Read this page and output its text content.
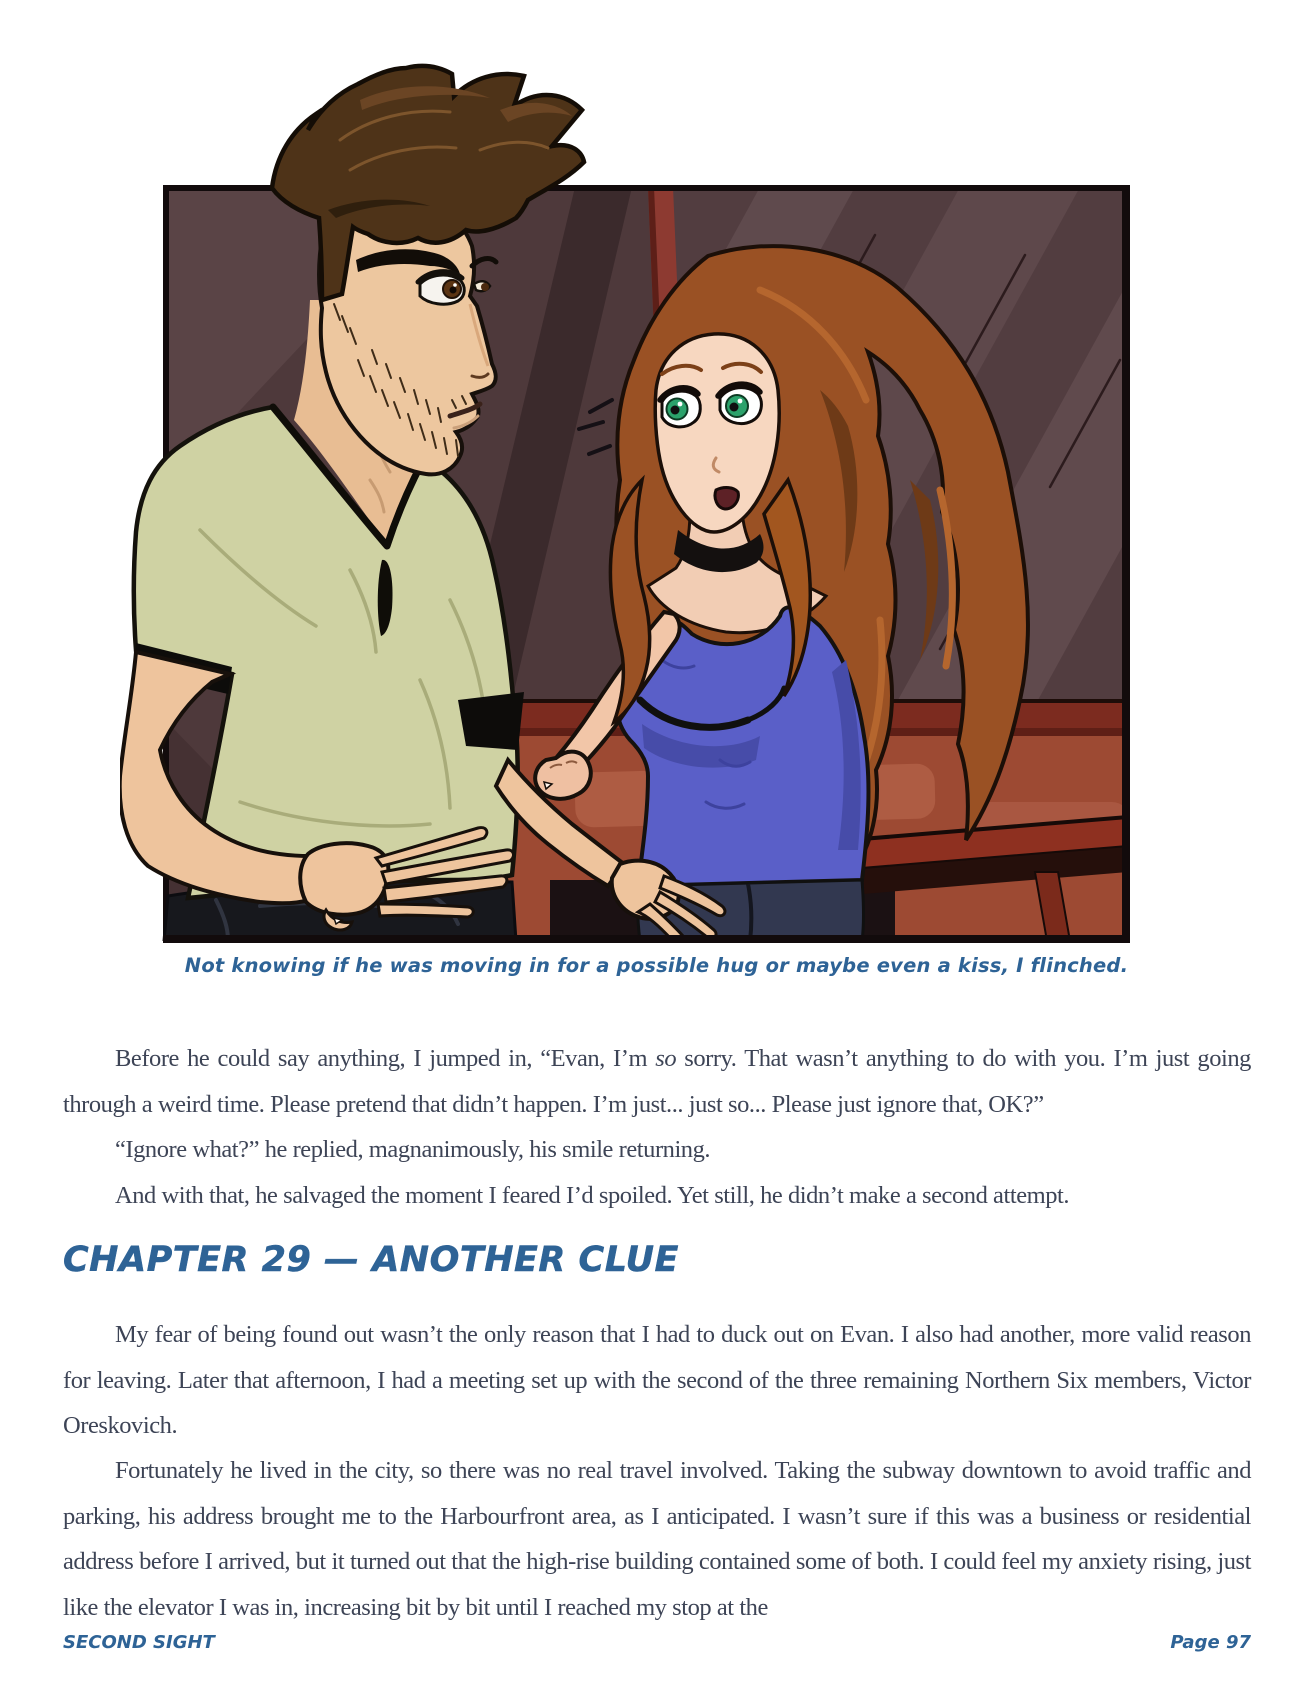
Not knowing if he was moving in for a possible hug or maybe even a kiss, I flinched.

Before he could say anything, I jumped in, “Evan, I’m so sorry. That wasn’t anything to do with you. I’m just going through a weird time. Please pretend that didn’t happen. I’m just... just so... Please just ignore that, OK?”

“Ignore what?” he replied, magnanimously, his smile returning.

And with that, he salvaged the moment I feared I’d spoiled. Yet still, he didn’t make a second attempt.

CHAPTER 29 — ANOTHER CLUE

My fear of being found out wasn’t the only reason that I had to duck out on Evan. I also had another, more valid reason for leaving. Later that afternoon, I had a meeting set up with the second of the three remaining Northern Six members, Victor Oreskovich.

Fortunately he lived in the city, so there was no real travel involved. Taking the subway downtown to avoid traffic and parking, his address brought me to the Harbourfront area, as I anticipated. I wasn’t sure if this was a business or residential address before I arrived, but it turned out that the high-rise building contained some of both. I could feel my anxiety rising, just like the elevator I was in, increasing bit by bit until I reached my stop at the

SECOND SIGHT	Page 97
